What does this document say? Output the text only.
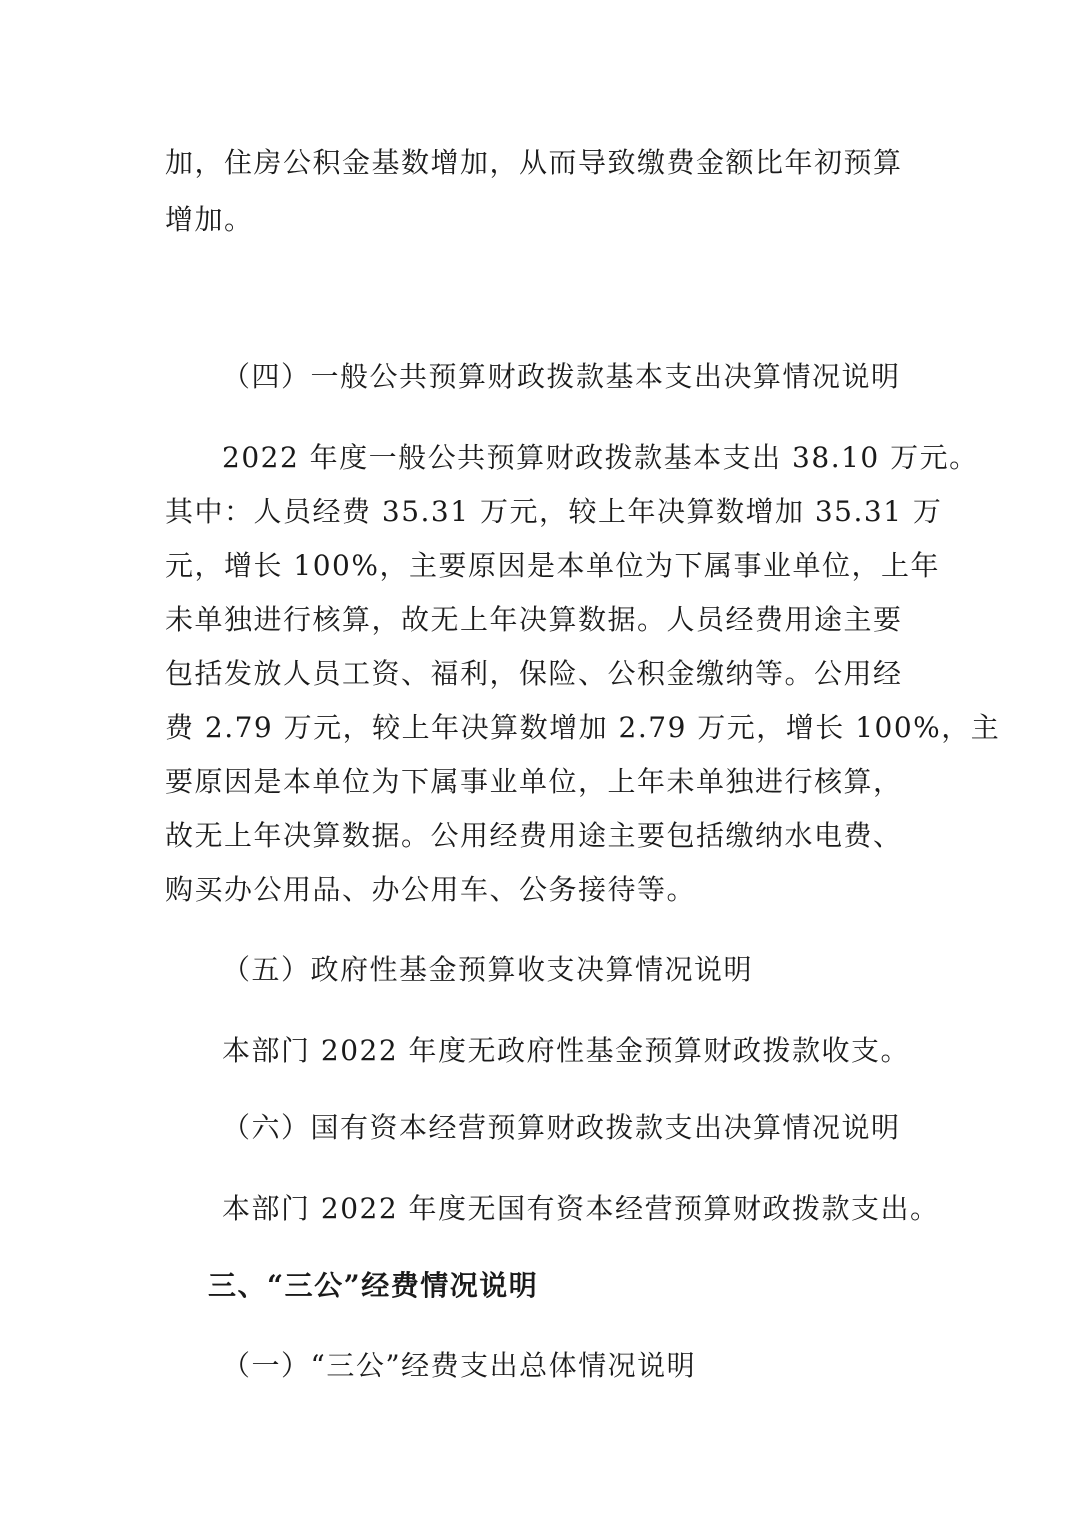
加，住房公积金基数增加，从而导致缴费金额比年初预算
增加。
（四）一般公共预算财政拨款基本支出决算情况说明
2022 年度一般公共预算财政拨款基本支出 38.10 万元。
其中：人员经费 35.31 万元，较上年决算数增加 35.31 万
元，增长 100%，主要原因是本单位为下属事业单位，上年
未单独进行核算，故无上年决算数据。人员经费用途主要
包括发放人员工资、福利，保险、公积金缴纳等。公用经
费 2.79 万元，较上年决算数增加 2.79 万元，增长 100%，主
要原因是本单位为下属事业单位，上年未单独进行核算，
故无上年决算数据。公用经费用途主要包括缴纳水电费、
购买办公用品、办公用车、公务接待等。
（五）政府性基金预算收支决算情况说明
本部门 2022 年度无政府性基金预算财政拨款收支。
（六）国有资本经营预算财政拨款支出决算情况说明
本部门 2022 年度无国有资本经营预算财政拨款支出。
三、“三公”经费情况说明
（一）“三公”经费支出总体情况说明
